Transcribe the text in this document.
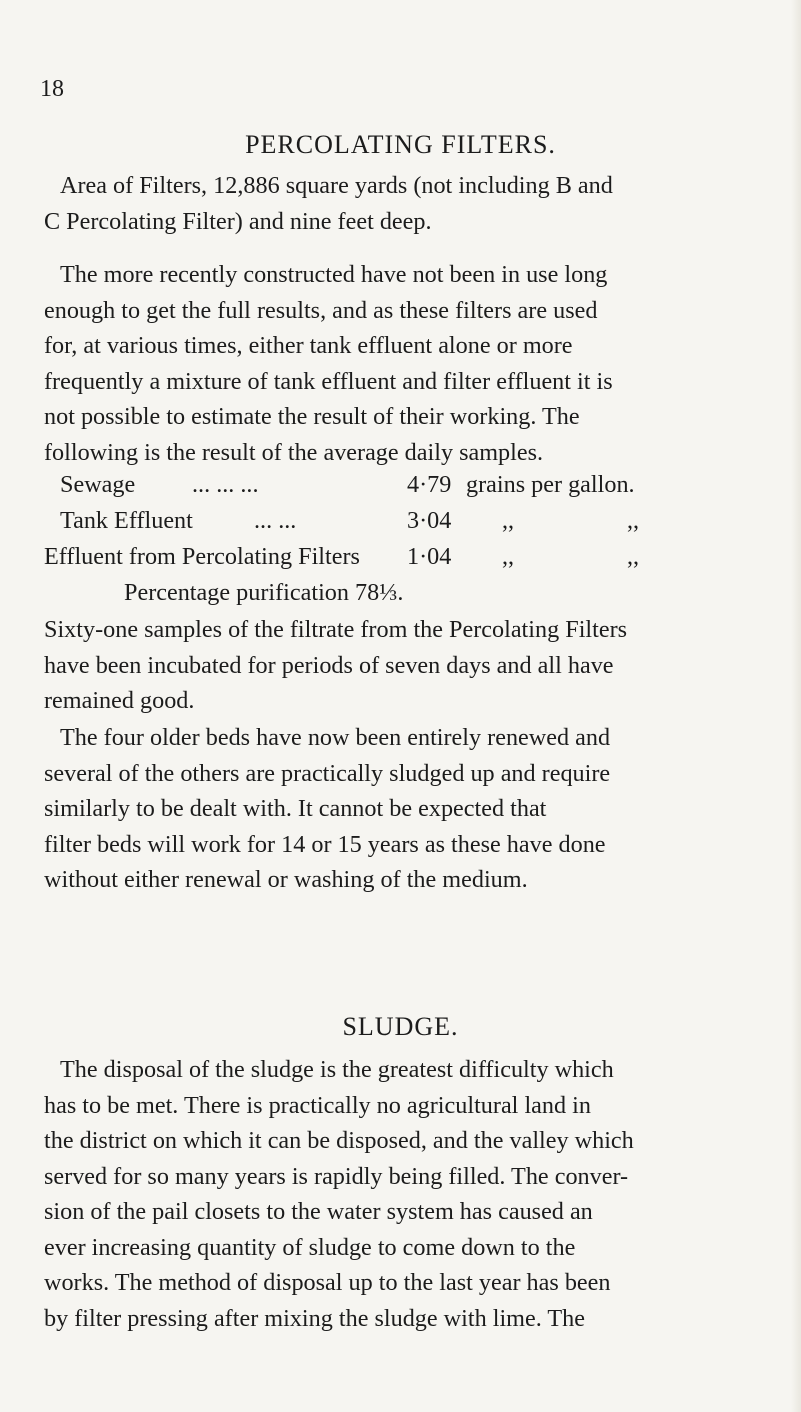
18
PERCOLATING FILTERS.
Area of Filters, 12,886 square yards (not including B and
C Percolating Filter) and nine feet deep.
The more recently constructed have not been in use long
enough to get the full results, and as these filters are used
for, at various times, either tank effluent alone or more
frequently a mixture of tank effluent and filter effluent it is
not possible to estimate the result of their working. The
following is the result of the average daily samples.
Sewage ... ... ...	4·79 grains per gallon.
Tank Effluent	... ...	3·04 ,,	,,
Effluent from Percolating Filters 1·04 ,,	,,
Percentage purification 78⅓.
Sixty-one samples of the filtrate from the Percolating Filters
have been incubated for periods of seven days and all have
remained good.
The four older beds have now been entirely renewed and
several of the others are practically sludged up and require
similarly to be dealt with. It cannot be expected that
filter beds will work for 14 or 15 years as these have done
without either renewal or washing of the medium.
SLUDGE.
The disposal of the sludge is the greatest difficulty which
has to be met. There is practically no agricultural land in
the district on which it can be disposed, and the valley which
served for so many years is rapidly being filled. The conver-
sion of the pail closets to the water system has caused an
ever increasing quantity of sludge to come down to the
works. The method of disposal up to the last year has been
by filter pressing after mixing the sludge with lime. The
